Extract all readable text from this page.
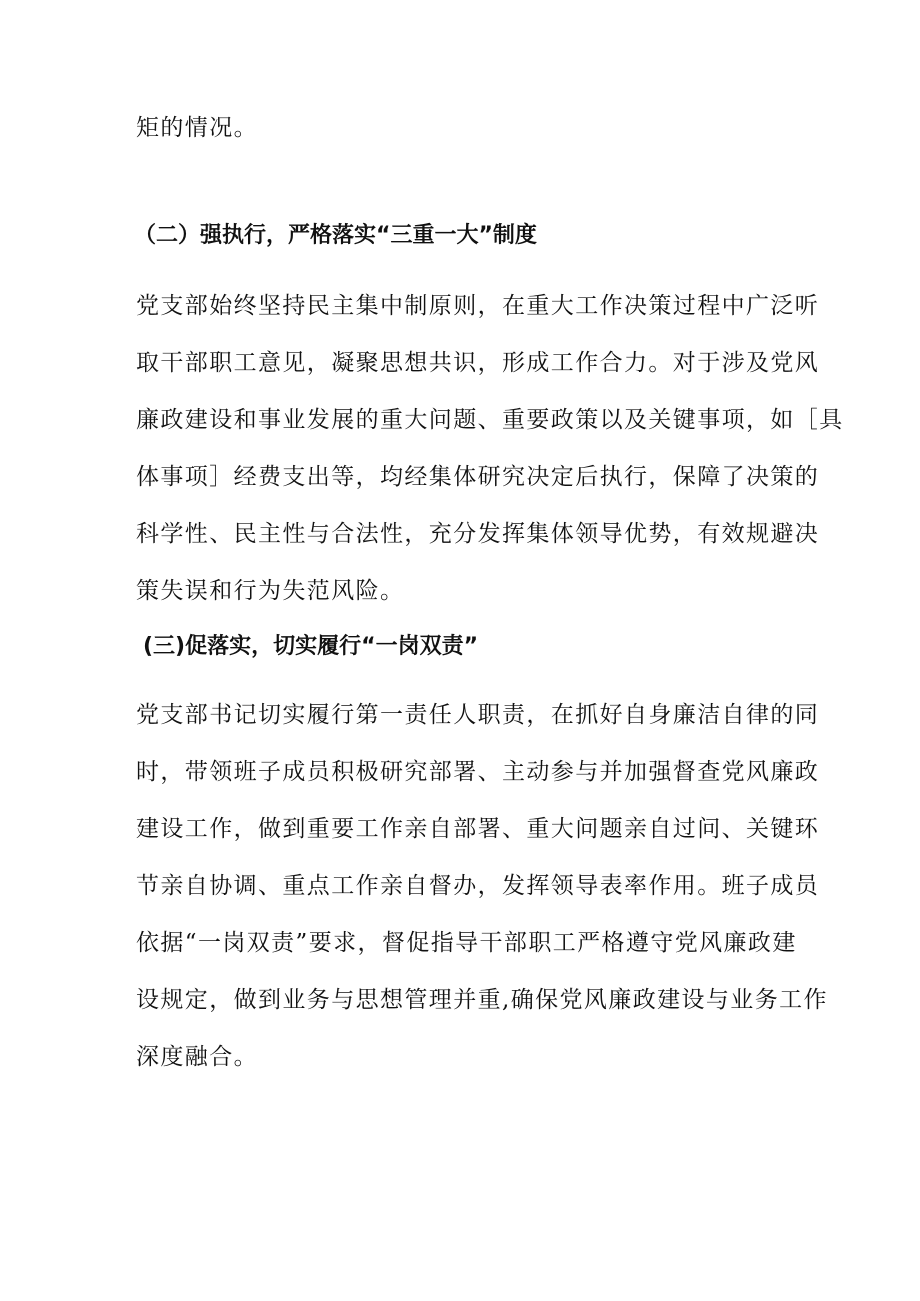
矩的情况。
（二）强执行，严格落实“三重一大”制度
党支部始终坚持民主集中制原则，在重大工作决策过程中广泛听
取干部职工意见，凝聚思想共识，形成工作合力。对于涉及党风
廉政建设和事业发展的重大问题、重要政策以及关键事项，如［具
体事项］经费支出等，均经集体研究决定后执行，保障了决策的
科学性、民主性与合法性，充分发挥集体领导优势，有效规避决
策失误和行为失范风险。
(三)促落实，切实履行“一岗双责”
党支部书记切实履行第一责任人职责，在抓好自身廉洁自律的同
时，带领班子成员积极研究部署、主动参与并加强督查党风廉政
建设工作，做到重要工作亲自部署、重大问题亲自过问、关键环
节亲自协调、重点工作亲自督办，发挥领导表率作用。班子成员
依据“一岗双责”要求，督促指导干部职工严格遵守党风廉政建
设规定，做到业务与思想管理并重,确保党风廉政建设与业务工作
深度融合。
